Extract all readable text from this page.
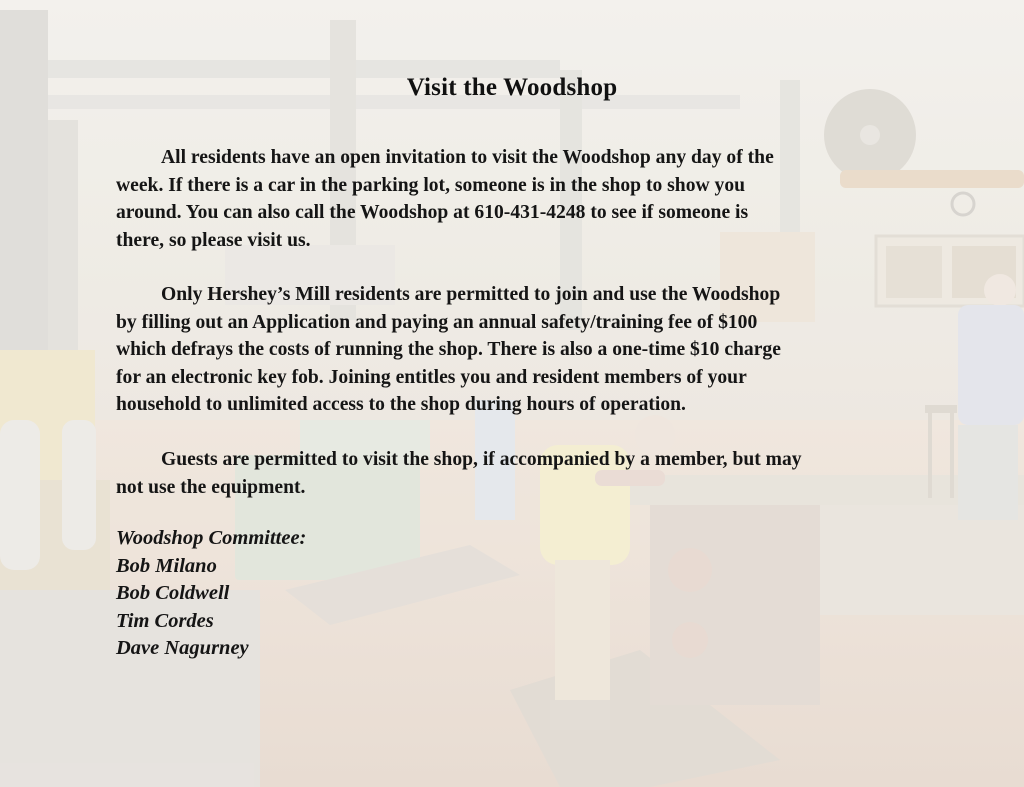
Visit the Woodshop

All residents have an open invitation to visit the Woodshop any day of the
week. If there is a car in the parking lot, someone is in the shop to show you
around. You can also call the Woodshop at 610-431-4248 to see if someone is
there, so please visit us.

Only Hershey’s Mill residents are permitted to join and use the Woodshop
by filling out an Application and paying an annual safety/training fee of $100
which defrays the costs of running the shop. There is also a one-time $10 charge
for an electronic key fob. Joining entitles you and resident members of your
household to unlimited access to the shop during hours of operation.

Guests are permitted to visit the shop, if accompanied by a member, but may
not use the equipment.

Woodshop Committee:
Bob Milano
Bob Coldwell
Tim Cordes
Dave Nagurney
